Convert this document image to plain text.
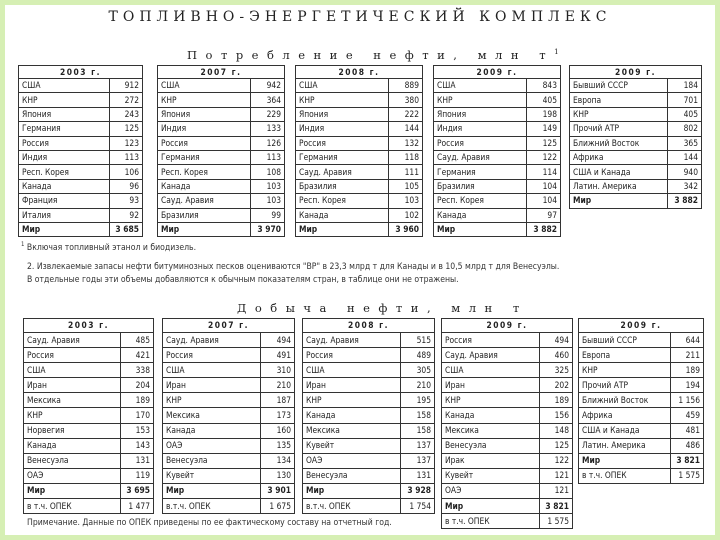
ТОПЛИВНО-ЭНЕРГЕТИЧЕСКИЙ КОМПЛЕКС
Потребление нефти, млн $т^1$
2003 г.	
США	912
КНР	272
Япония	243
Германия	125
Россия	123
Индия	113
Респ. Корея	106
Канада	96
Франция	93
Италия	92
Мир	3 685
2007 г.	
США	942
КНР	364
Япония	229
Индия	133
Россия	126
Германия	113
Респ. Корея	108
Канада	103
Сауд. Аравия	103
Бразилия	99
Мир	3 970
2008 г.	
США	889
КНР	380
Япония	222
Индия	144
Россия	132
Германия	118
Сауд. Аравия	111
Бразилия	105
Респ. Корея	103
Канада	102
Мир	3 960
2009 г.	
США	843
КНР	405
Япония	198
Индия	149
Россия	125
Сауд. Аравия	122
Германия	114
Бразилия	104
Респ. Корея	104
Канада	97
Мир	3 882
2009 г.	
Бывший СССР	184
Европа	701
КНР	405
Прочий АТР	802
Ближний Восток	365
Африка	144
США и Канада	940
Латин. Америка	342
Мир	3 882
$^1$ Включая топливный этанол и биодизель.
2. Извлекаемые запасы нефти битуминозных песков оцениваются "BP" в 23,3 млрд т для Канады и в 10,5 млрд т для Венесуэлы.
В отдельные годы эти объемы добавляются к обычным показателям стран, в таблице они не отражены.
Добыча нефти, млн т
2003 г.	
Сауд. Аравия	485
Россия	421
США	338
Иран	204
Мексика	189
КНР	170
Норвегия	153
Канада	143
Венесуэла	131
ОАЭ	119
Мир	3 695
в т.ч. ОПЕК	1 477
2007 г.	
Сауд. Аравия	494
Россия	491
США	310
Иран	210
КНР	187
Мексика	173
Канада	160
ОАЭ	135
Венесуэла	134
Кувейт	130
Мир	3 901
в.т.ч. ОПЕК	1 675
2008 г.	
Сауд. Аравия	515
Россия	489
США	305
Иран	210
КНР	195
Канада	158
Мексика	158
Кувейт	137
ОАЭ	137
Венесуэла	131
Мир	3 928
в.т.ч. ОПЕК	1 754
2009 г.	
Россия	494
Сауд. Аравия	460
США	325
Иран	202
КНР	189
Канада	156
Мексика	148
Венесуэла	125
Ирак	122
Кувейт	121
ОАЭ	121
Мир	3 821
в т.ч. ОПЕК	1 575
2009 г.	
Бывший СССР	644
Европа	211
КНР	189
Прочий АТР	194
Ближний Восток	1 156
Африка	459
США и Канада	481
Латин. Америка	486
Мир	3 821
в т.ч. ОПЕК	1 575
Примечание. Данные по ОПЕК приведены по ее фактическому составу на отчетный год.
